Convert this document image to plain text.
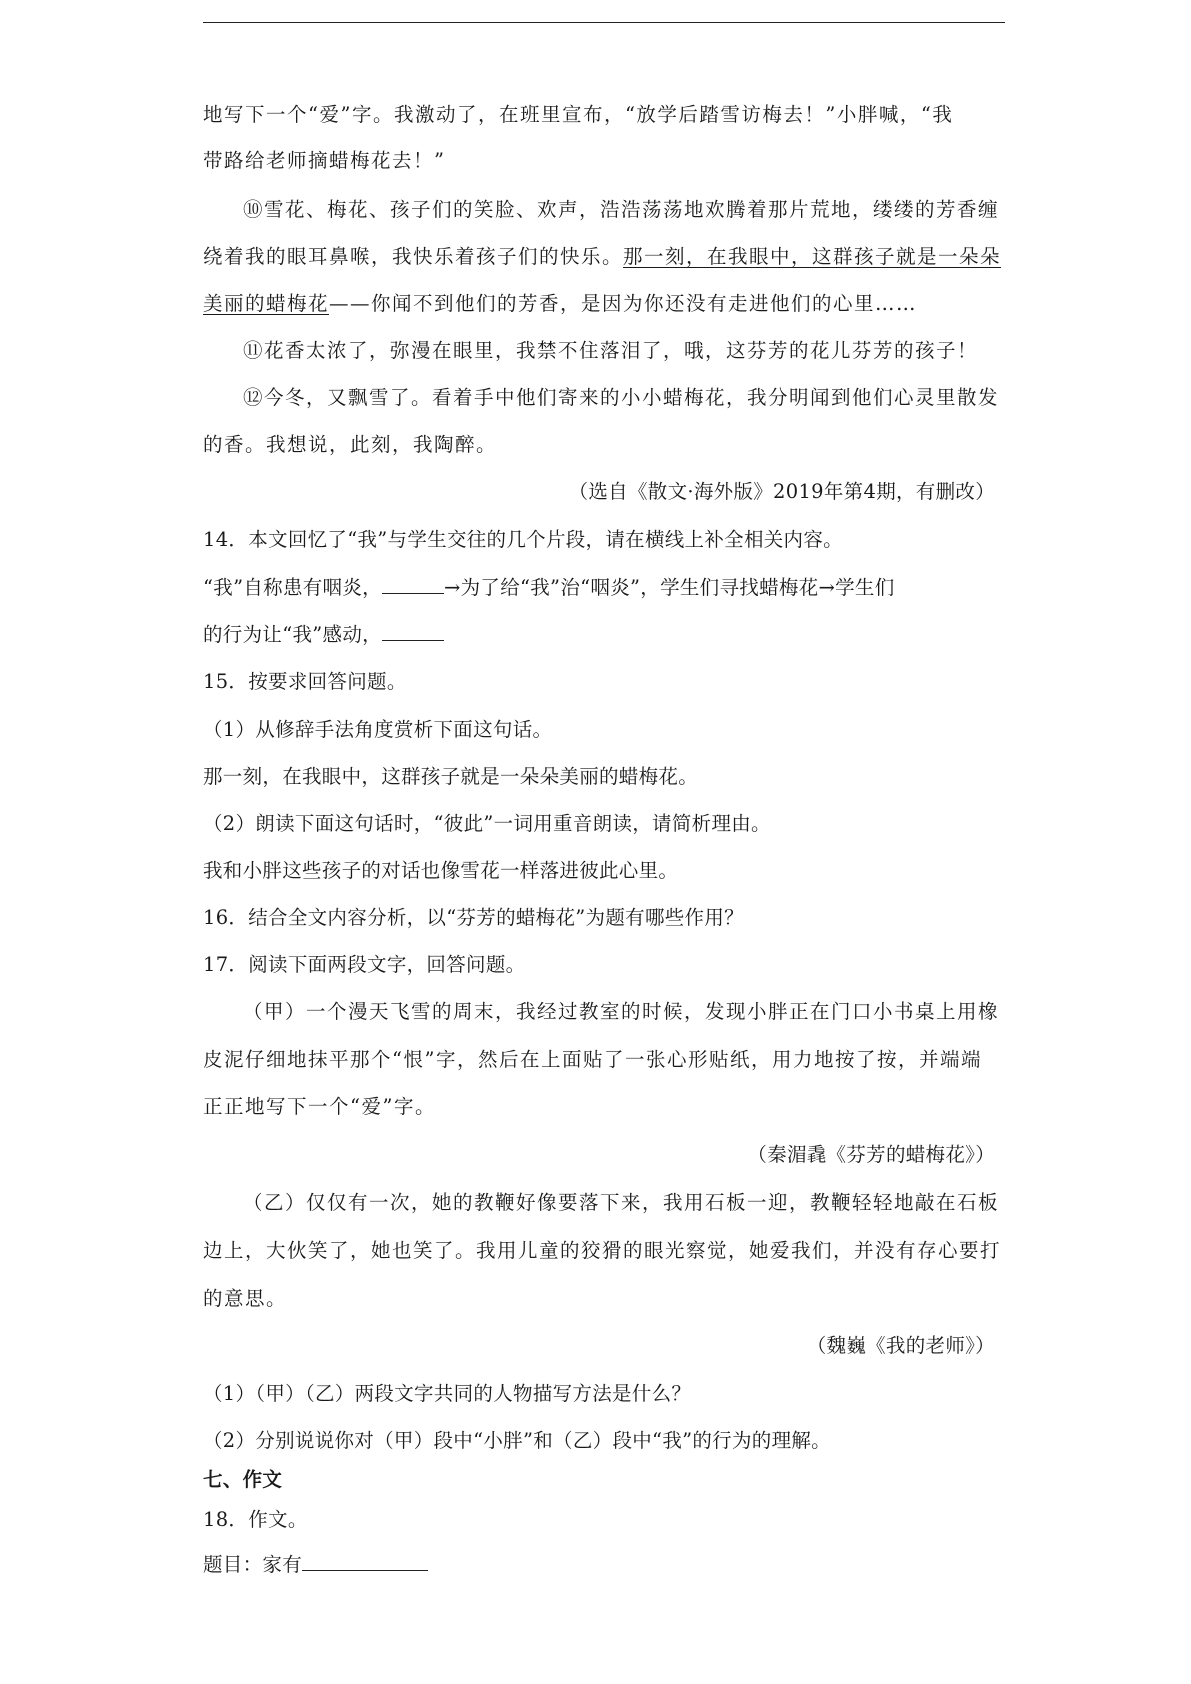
地写下一个“爱”字。我激动了，在班里宣布，“放学后踏雪访梅去！”小胖喊，“我
带路给老师摘蜡梅花去！”
⑩雪花、梅花、孩子们的笑脸、欢声，浩浩荡荡地欢腾着那片荒地，缕缕的芳香缠
绕着我的眼耳鼻喉，我快乐着孩子们的快乐。那一刻，在我眼中，这群孩子就是一朵朵
美丽的蜡梅花——你闻不到他们的芳香，是因为你还没有走进他们的心里……
⑪花香太浓了，弥漫在眼里，我禁不住落泪了，哦，这芬芳的花儿芬芳的孩子！
⑫今冬，又飘雪了。看着手中他们寄来的小小蜡梅花，我分明闻到他们心灵里散发
的香。我想说，此刻，我陶醉。
（选自《散文·海外版》2019年第4期，有删改）
14．本文回忆了“我”与学生交往的几个片段，请在横线上补全相关内容。
“我”自称患有咽炎，	→为了给“我”治“咽炎”，学生们寻找蜡梅花→学生们
的行为让“我”感动，
15．按要求回答问题。
（1）从修辞手法角度赏析下面这句话。
那一刻，在我眼中，这群孩子就是一朵朵美丽的蜡梅花。
（2）朗读下面这句话时，“彼此”一词用重音朗读，请简析理由。
我和小胖这些孩子的对话也像雪花一样落进彼此心里。
16．结合全文内容分析，以“芬芳的蜡梅花”为题有哪些作用？
17．阅读下面两段文字，回答问题。
（甲）一个漫天飞雪的周末，我经过教室的时候，发现小胖正在门口小书桌上用橡
皮泥仔细地抹平那个“恨”字，然后在上面贴了一张心形贴纸，用力地按了按，并端端
正正地写下一个“爱”字。
（秦湄毳《芬芳的蜡梅花》）
（乙）仅仅有一次，她的教鞭好像要落下来，我用石板一迎，教鞭轻轻地敲在石板
边上，大伙笑了，她也笑了。我用儿童的狡猾的眼光察觉，她爱我们，并没有存心要打
的意思。
（魏巍《我的老师》）
（1）（甲）（乙）两段文字共同的人物描写方法是什么？
（2）分别说说你对（甲）段中“小胖”和（乙）段中“我”的行为的理解。
七、作文
18．作文。
题目：家有
